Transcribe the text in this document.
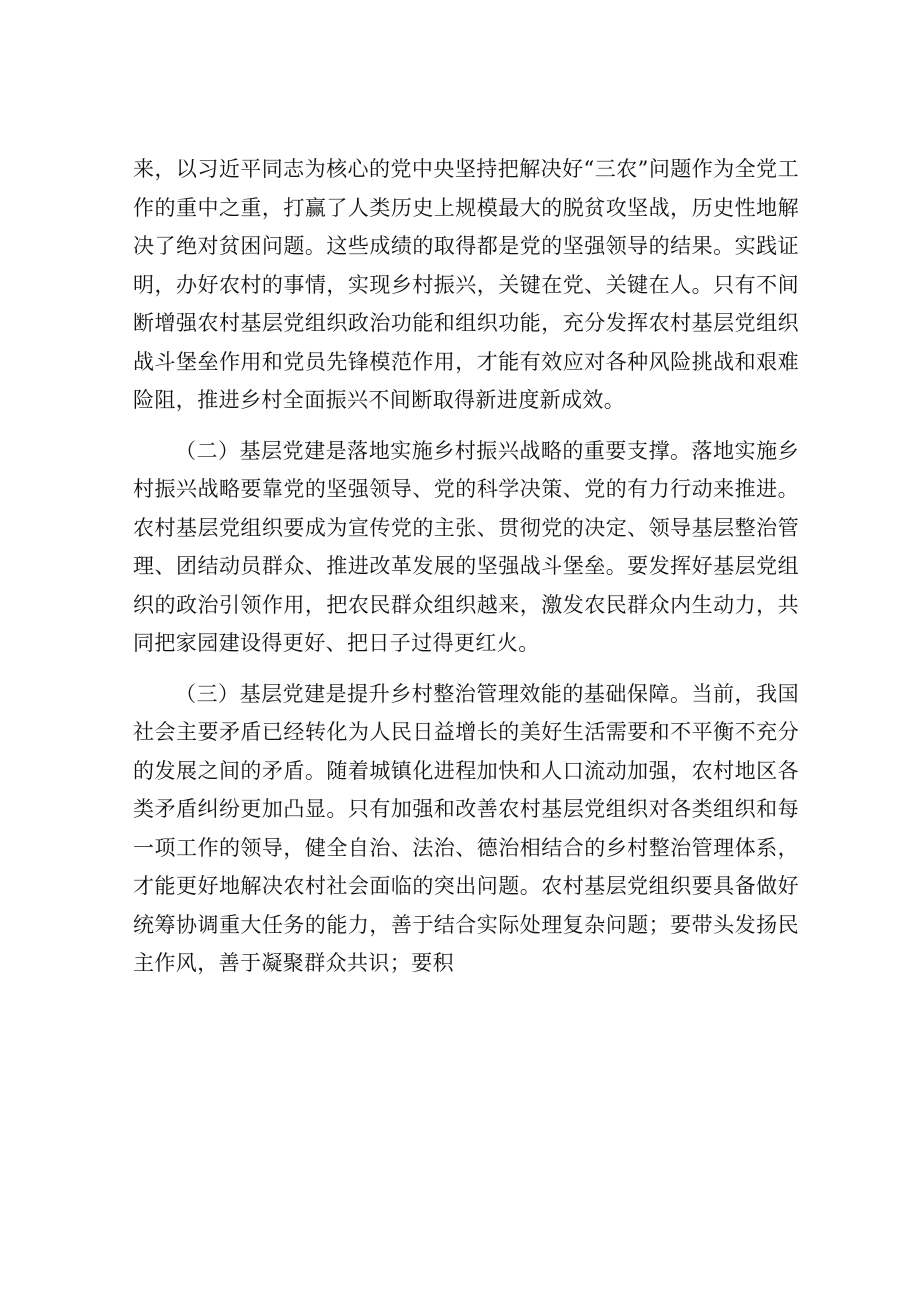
来，以习近平同志为核心的党中央坚持把解决好“三农”问题作为全党工作的重中之重，打赢了人类历史上规模最大的脱贫攻坚战，历史性地解决了绝对贫困问题。这些成绩的取得都是党的坚强领导的结果。实践证明，办好农村的事情，实现乡村振兴，关键在党、关键在人。只有不间断增强农村基层党组织政治功能和组织功能，充分发挥农村基层党组织战斗堡垒作用和党员先锋模范作用，才能有效应对各种风险挑战和艰难险阻，推进乡村全面振兴不间断取得新进度新成效。

（二）基层党建是落地实施乡村振兴战略的重要支撑。落地实施乡村振兴战略要靠党的坚强领导、党的科学决策、党的有力行动来推进。农村基层党组织要成为宣传党的主张、贯彻党的决定、领导基层整治管理、团结动员群众、推进改革发展的坚强战斗堡垒。要发挥好基层党组织的政治引领作用，把农民群众组织越来，激发农民群众内生动力，共同把家园建设得更好、把日子过得更红火。

（三）基层党建是提升乡村整治管理效能的基础保障。当前，我国社会主要矛盾已经转化为人民日益增长的美好生活需要和不平衡不充分的发展之间的矛盾。随着城镇化进程加快和人口流动加强，农村地区各类矛盾纠纷更加凸显。只有加强和改善农村基层党组织对各类组织和每一项工作的领导，健全自治、法治、德治相结合的乡村整治管理体系，才能更好地解决农村社会面临的突出问题。农村基层党组织要具备做好统筹协调重大任务的能力，善于结合实际处理复杂问题；要带头发扬民主作风，善于凝聚群众共识；要积
